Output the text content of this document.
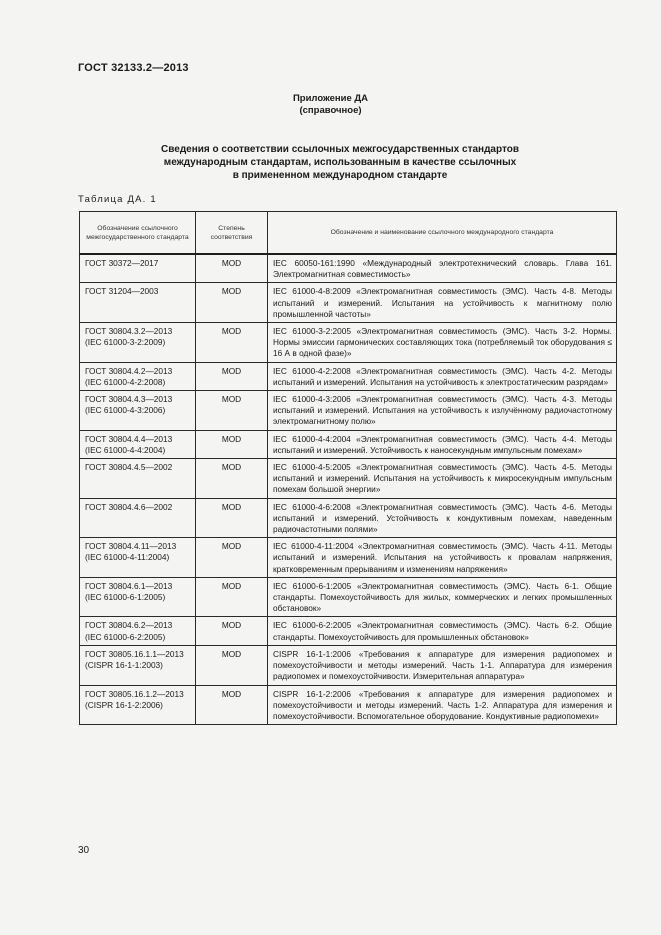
ГОСТ 32133.2—2013
Приложение ДА
(справочное)
Сведения о соответствии ссылочных межгосударственных стандартов
международным стандартам, использованным в качестве ссылочных
в примененном международном стандарте
Таблица ДА. 1
Обозначение ссылочного межгосударственного стандарта	Степень соответствия	Обозначение и наименование ссылочного международного стандарта

ГОСТ 30372—2017	MOD	IEC 60050-161:1990 «Международный электротехнический словарь. Глава 161. Электромагнитная совместимость»

ГОСТ 31204—2003	MOD	IEC 61000-4-8:2009 «Электромагнитная совместимость (ЭМС). Часть 4-8. Методы испытаний и измерений. Испытания на устойчивость к магнитному полю промышленной частоты»

ГОСТ 30804.3.2—2013
(IEC 61000-3-2:2009)	MOD	IEC 61000-3-2:2005 «Электромагнитная совместимость (ЭМС). Часть 3-2. Нормы. Нормы эмиссии гармонических составляющих тока (потребляемый ток оборудования ≤ 16 А в одной фазе)»

ГОСТ 30804.4.2—2013
(IEC 61000-4-2:2008)	MOD	IEC 61000-4-2:2008 «Электромагнитная совместимость (ЭМС). Часть 4-2. Методы испытаний и измерений. Испытания на устойчивость к электростатическим разрядам»

ГОСТ 30804.4.3—2013
(IEC 61000-4-3:2006)	MOD	IEC 61000-4-3:2006 «Электромагнитная совместимость (ЭМС). Часть 4-3. Методы испытаний и измерений. Испытания на устойчивость к излучённому радиочастотному электромагнитному полю»

ГОСТ 30804.4.4—2013
(IEC 61000-4-4:2004)	MOD	IEC 61000-4-4:2004 «Электромагнитная совместимость (ЭМС). Часть 4-4. Методы испытаний и измерений. Устойчивость к наносекундным импульсным помехам»

ГОСТ 30804.4.5—2002	MOD	IEC 61000-4-5:2005 «Электромагнитная совместимость (ЭМС). Часть 4-5. Методы испытаний и измерений. Испытания на устойчивость к микросекундным импульсным помехам большой энергии»

ГОСТ 30804.4.6—2002	MOD	IEC 61000-4-6:2008 «Электромагнитная совместимость (ЭМС). Часть 4-6. Методы испытаний и измерений. Устойчивость к кондуктивным помехам, наведенным радиочастотными полями»

ГОСТ 30804.4.11—2013
(IEC 61000-4-11:2004)	MOD	IEC 61000-4-11:2004 «Электромагнитная совместимость (ЭМС). Часть 4-11. Методы испытаний и измерений. Испытания на устойчивость к провалам напряжения, кратковременным прерываниям и изменениям напряжения»

ГОСТ 30804.6.1—2013
(IEC 61000-6-1:2005)	MOD	IEC 61000-6-1:2005 «Электромагнитная совместимость (ЭМС). Часть 6-1. Общие стандарты. Помехоустойчивость для жилых, коммерческих и легких промышленных обстановок»

ГОСТ 30804.6.2—2013
(IEC 61000-6-2:2005)	MOD	IEC 61000-6-2:2005 «Электромагнитная совместимость (ЭМС). Часть 6-2. Общие стандарты. Помехоустойчивость для промышленных обстановок»

ГОСТ 30805.16.1.1—2013
(CISPR 16-1-1:2003)	MOD	CISPR 16-1-1:2006 «Требования к аппаратуре для измерения радиопомех и помехоустойчивости и методы измерений. Часть 1-1. Аппаратура для измерения радиопомех и помехоустойчивости. Измерительная аппаратура»

ГОСТ 30805.16.1.2—2013
(CISPR 16-1-2:2006)	MOD	CISPR 16-1-2:2006 «Требования к аппаратуре для измерения радиопомех и помехоустойчивости и методы измерений. Часть 1-2. Аппаратура для измерения и помехоустойчивости. Вспомогательное оборудование. Кондуктивные радиопомехи»
30
